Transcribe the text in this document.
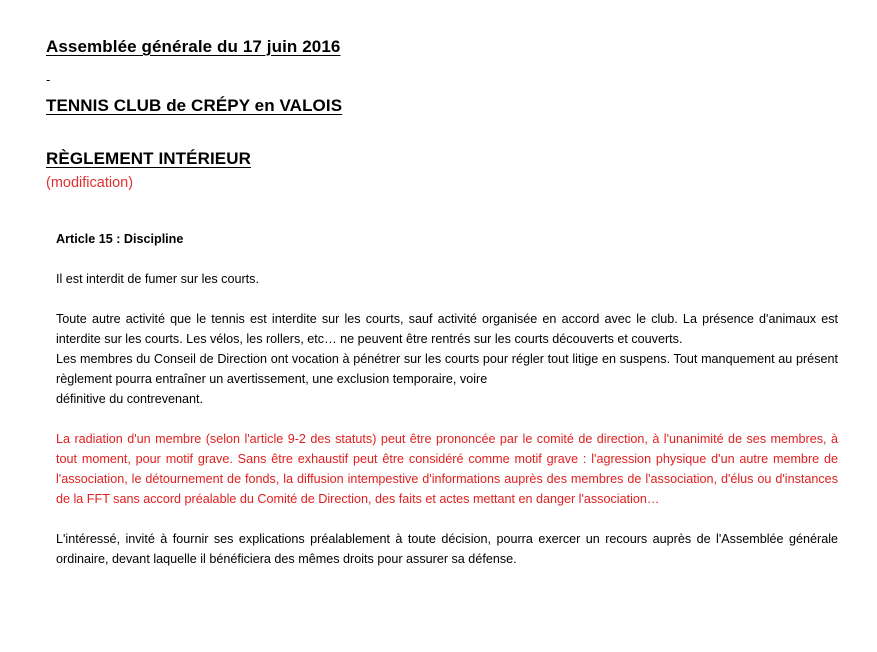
Assemblée générale du 17 juin 2016
-
TENNIS CLUB de CRÉPY en VALOIS
RÈGLEMENT INTÉRIEUR
(modification)
Article 15 : Discipline
Il est interdit de fumer sur les courts.
Toute autre activité que le tennis est interdite sur les courts, sauf activité organisée en accord avec le club. La présence d'animaux est interdite sur les courts. Les vélos, les rollers, etc… ne peuvent être rentrés sur les courts découverts et couverts.
Les membres du Conseil de Direction ont vocation à pénétrer sur les courts pour régler tout litige en suspens. Tout manquement au présent règlement pourra entraîner un avertissement, une exclusion temporaire, voire
définitive du contrevenant.
La radiation d'un membre (selon l'article 9-2 des statuts) peut être prononcée par le comité de direction, à l'unanimité de ses membres, à tout moment, pour motif grave. Sans être exhaustif peut être considéré comme motif grave : l'agression physique d'un autre membre de l'association, le détournement de fonds, la diffusion intempestive d'informations auprès des membres de l'association, d'élus ou d'instances de la FFT sans accord préalable du Comité de Direction, des faits et actes mettant en danger l'association…
L'intéressé, invité à fournir ses explications préalablement à toute décision, pourra exercer un recours auprès de l'Assemblée générale ordinaire, devant laquelle il bénéficiera des mêmes droits pour assurer sa défense.
